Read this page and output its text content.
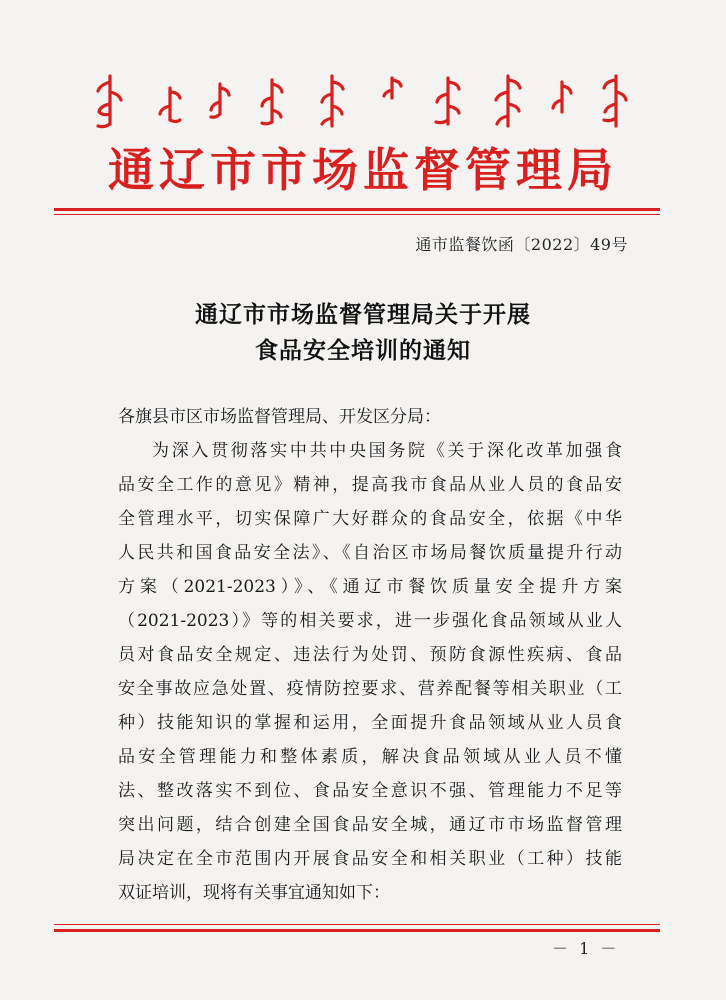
通辽市市场监督管理局
通市监餐饮函〔2022〕49号
通辽市市场监督管理局关于开展
食品安全培训的通知
各旗县市区市场监督管理局、开发区分局：
为深入贯彻落实中共中央国务院《关于深化改革加强食
品安全工作的意见》精神，提高我市食品从业人员的食品安
全管理水平，切实保障广大好群众的食品安全，依据《中华
人民共和国食品安全法》、《自治区市场局餐饮质量提升行动
方案（2021-2023）》、《通辽市餐饮质量安全提升方案
（2021-2023）》等的相关要求，进一步强化食品领域从业人
员对食品安全规定、违法行为处罚、预防食源性疾病、食品
安全事故应急处置、疫情防控要求、营养配餐等相关职业（工
种）技能知识的掌握和运用，全面提升食品领域从业人员食
品安全管理能力和整体素质，解决食品领域从业人员不懂
法、整改落实不到位、食品安全意识不强、管理能力不足等
突出问题，结合创建全国食品安全城，通辽市市场监督管理
局决定在全市范围内开展食品安全和相关职业（工种）技能
双证培训，现将有关事宜通知如下：
－ 1 －
